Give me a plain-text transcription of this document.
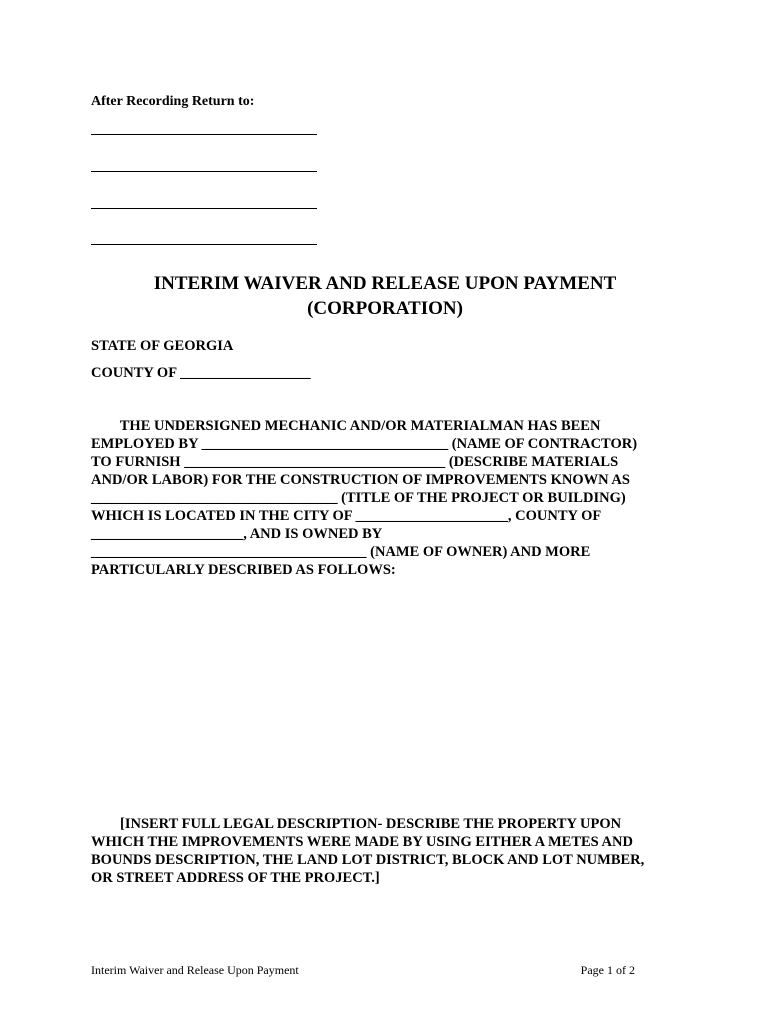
After Recording Return to:
INTERIM WAIVER AND RELEASE UPON PAYMENT
(CORPORATION)
STATE OF GEORGIA
COUNTY OF __________________
THE UNDERSIGNED MECHANIC AND/OR MATERIALMAN HAS BEEN
EMPLOYED BY __________________________________ (NAME OF CONTRACTOR)
TO FURNISH ____________________________________ (DESCRIBE MATERIALS
AND/OR LABOR) FOR THE CONSTRUCTION OF IMPROVEMENTS KNOWN AS
__________________________________ (TITLE OF THE PROJECT OR BUILDING)
WHICH IS LOCATED IN THE CITY OF _____________________, COUNTY OF
_____________________, AND IS OWNED BY
______________________________________ (NAME OF OWNER) AND MORE
PARTICULARLY DESCRIBED AS FOLLOWS:
[INSERT FULL LEGAL DESCRIPTION- DESCRIBE THE PROPERTY UPON
WHICH THE IMPROVEMENTS WERE MADE BY USING EITHER A METES AND
BOUNDS DESCRIPTION, THE LAND LOT DISTRICT, BLOCK AND LOT NUMBER,
OR STREET ADDRESS OF THE PROJECT.]
Interim Waiver and Release Upon Payment	Page 1 of 2
